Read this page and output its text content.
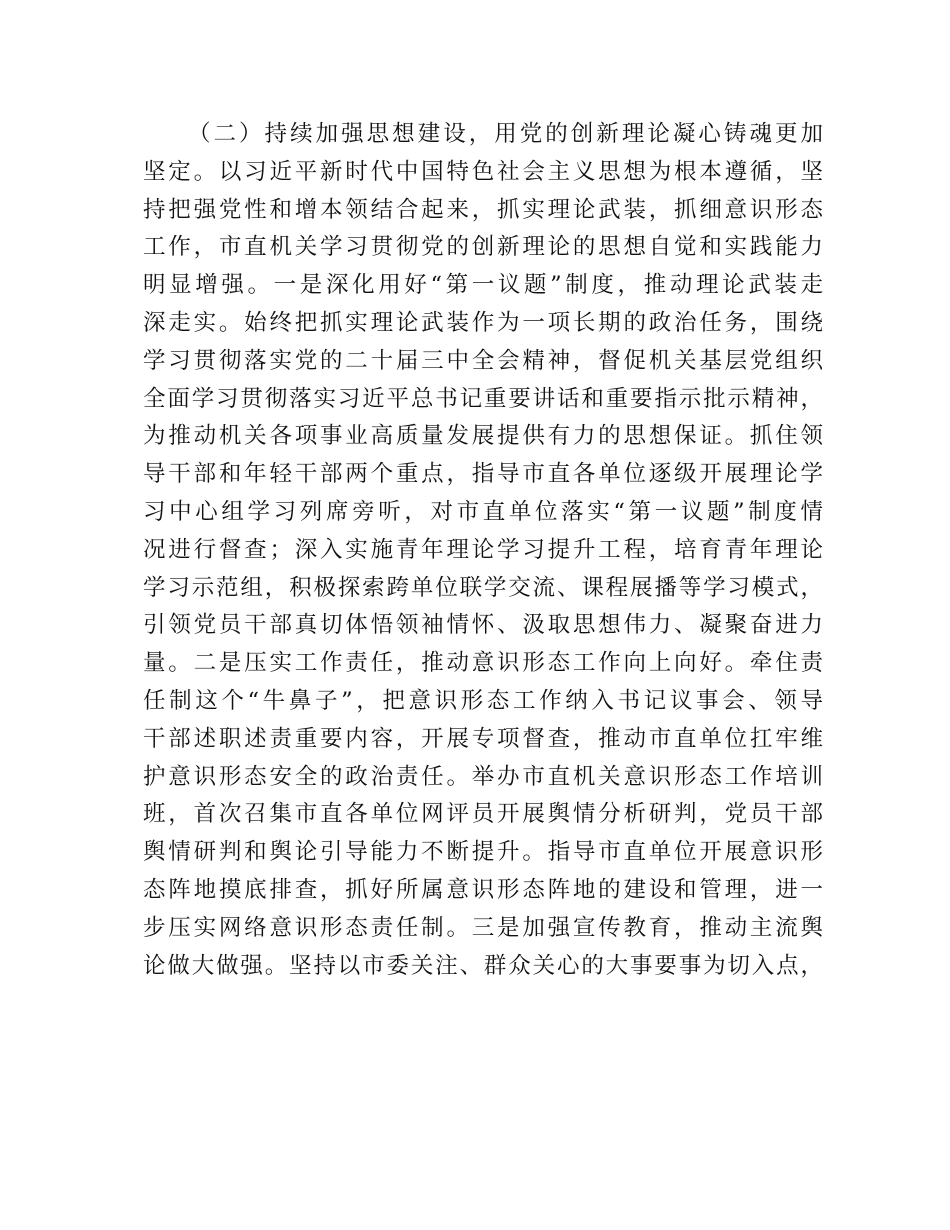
（二）持续加强思想建设，用党的创新理论凝心铸魂更加
坚定。以习近平新时代中国特色社会主义思想为根本遵循，坚
持把强党性和增本领结合起来，抓实理论武装，抓细意识形态
工作，市直机关学习贯彻党的创新理论的思想自觉和实践能力
明显增强。一是深化用好“第一议题”制度，推动理论武装走
深走实。始终把抓实理论武装作为一项长期的政治任务，围绕
学习贯彻落实党的二十届三中全会精神，督促机关基层党组织
全面学习贯彻落实习近平总书记重要讲话和重要指示批示精神，
为推动机关各项事业高质量发展提供有力的思想保证。抓住领
导干部和年轻干部两个重点，指导市直各单位逐级开展理论学
习中心组学习列席旁听，对市直单位落实“第一议题”制度情
况进行督查；深入实施青年理论学习提升工程，培育青年理论
学习示范组，积极探索跨单位联学交流、课程展播等学习模式，
引领党员干部真切体悟领袖情怀、汲取思想伟力、凝聚奋进力
量。二是压实工作责任，推动意识形态工作向上向好。牵住责
任制这个“牛鼻子”，把意识形态工作纳入书记议事会、领导
干部述职述责重要内容，开展专项督查，推动市直单位扛牢维
护意识形态安全的政治责任。举办市直机关意识形态工作培训
班，首次召集市直各单位网评员开展舆情分析研判，党员干部
舆情研判和舆论引导能力不断提升。指导市直单位开展意识形
态阵地摸底排查，抓好所属意识形态阵地的建设和管理，进一
步压实网络意识形态责任制。三是加强宣传教育，推动主流舆
论做大做强。坚持以市委关注、群众关心的大事要事为切入点，
